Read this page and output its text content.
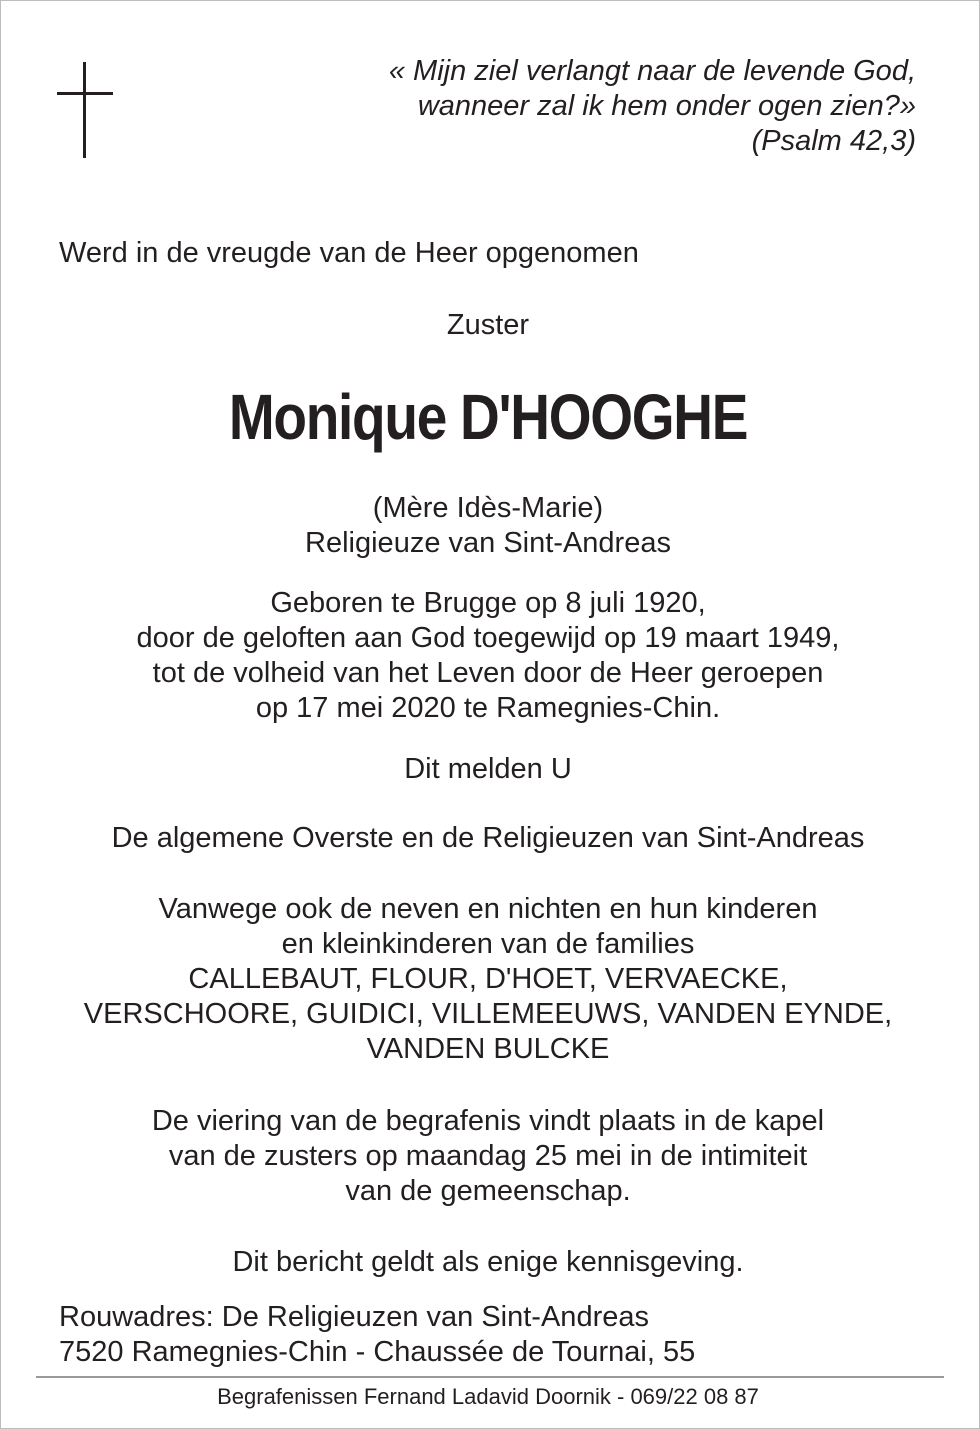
« Mijn ziel verlangt naar de levende God,
wanneer zal ik hem onder ogen zien?»
(Psalm 42,3)
Werd in de vreugde van de Heer opgenomen
Zuster
Monique D'HOOGHE
(Mère Idès-Marie)
Religieuze van Sint-Andreas
Geboren te Brugge op 8 juli 1920,
door de geloften aan God toegewijd op 19 maart 1949,
tot de volheid van het Leven door de Heer geroepen
op 17 mei 2020 te Ramegnies-Chin.
Dit melden U
De algemene Overste en de Religieuzen van Sint-Andreas
Vanwege ook de neven en nichten en hun kinderen
en kleinkinderen van de families
CALLEBAUT, FLOUR, D'HOET, VERVAECKE,
VERSCHOORE, GUIDICI, VILLEMEEUWS, VANDEN EYNDE,
VANDEN BULCKE
De viering van de begrafenis vindt plaats in de kapel
van de zusters op maandag 25 mei in de intimiteit
van de gemeenschap.
Dit bericht geldt als enige kennisgeving.
Rouwadres: De Religieuzen van Sint-Andreas
7520 Ramegnies-Chin - Chaussée de Tournai, 55
Begrafenissen Fernand Ladavid Doornik - 069/22 08 87
